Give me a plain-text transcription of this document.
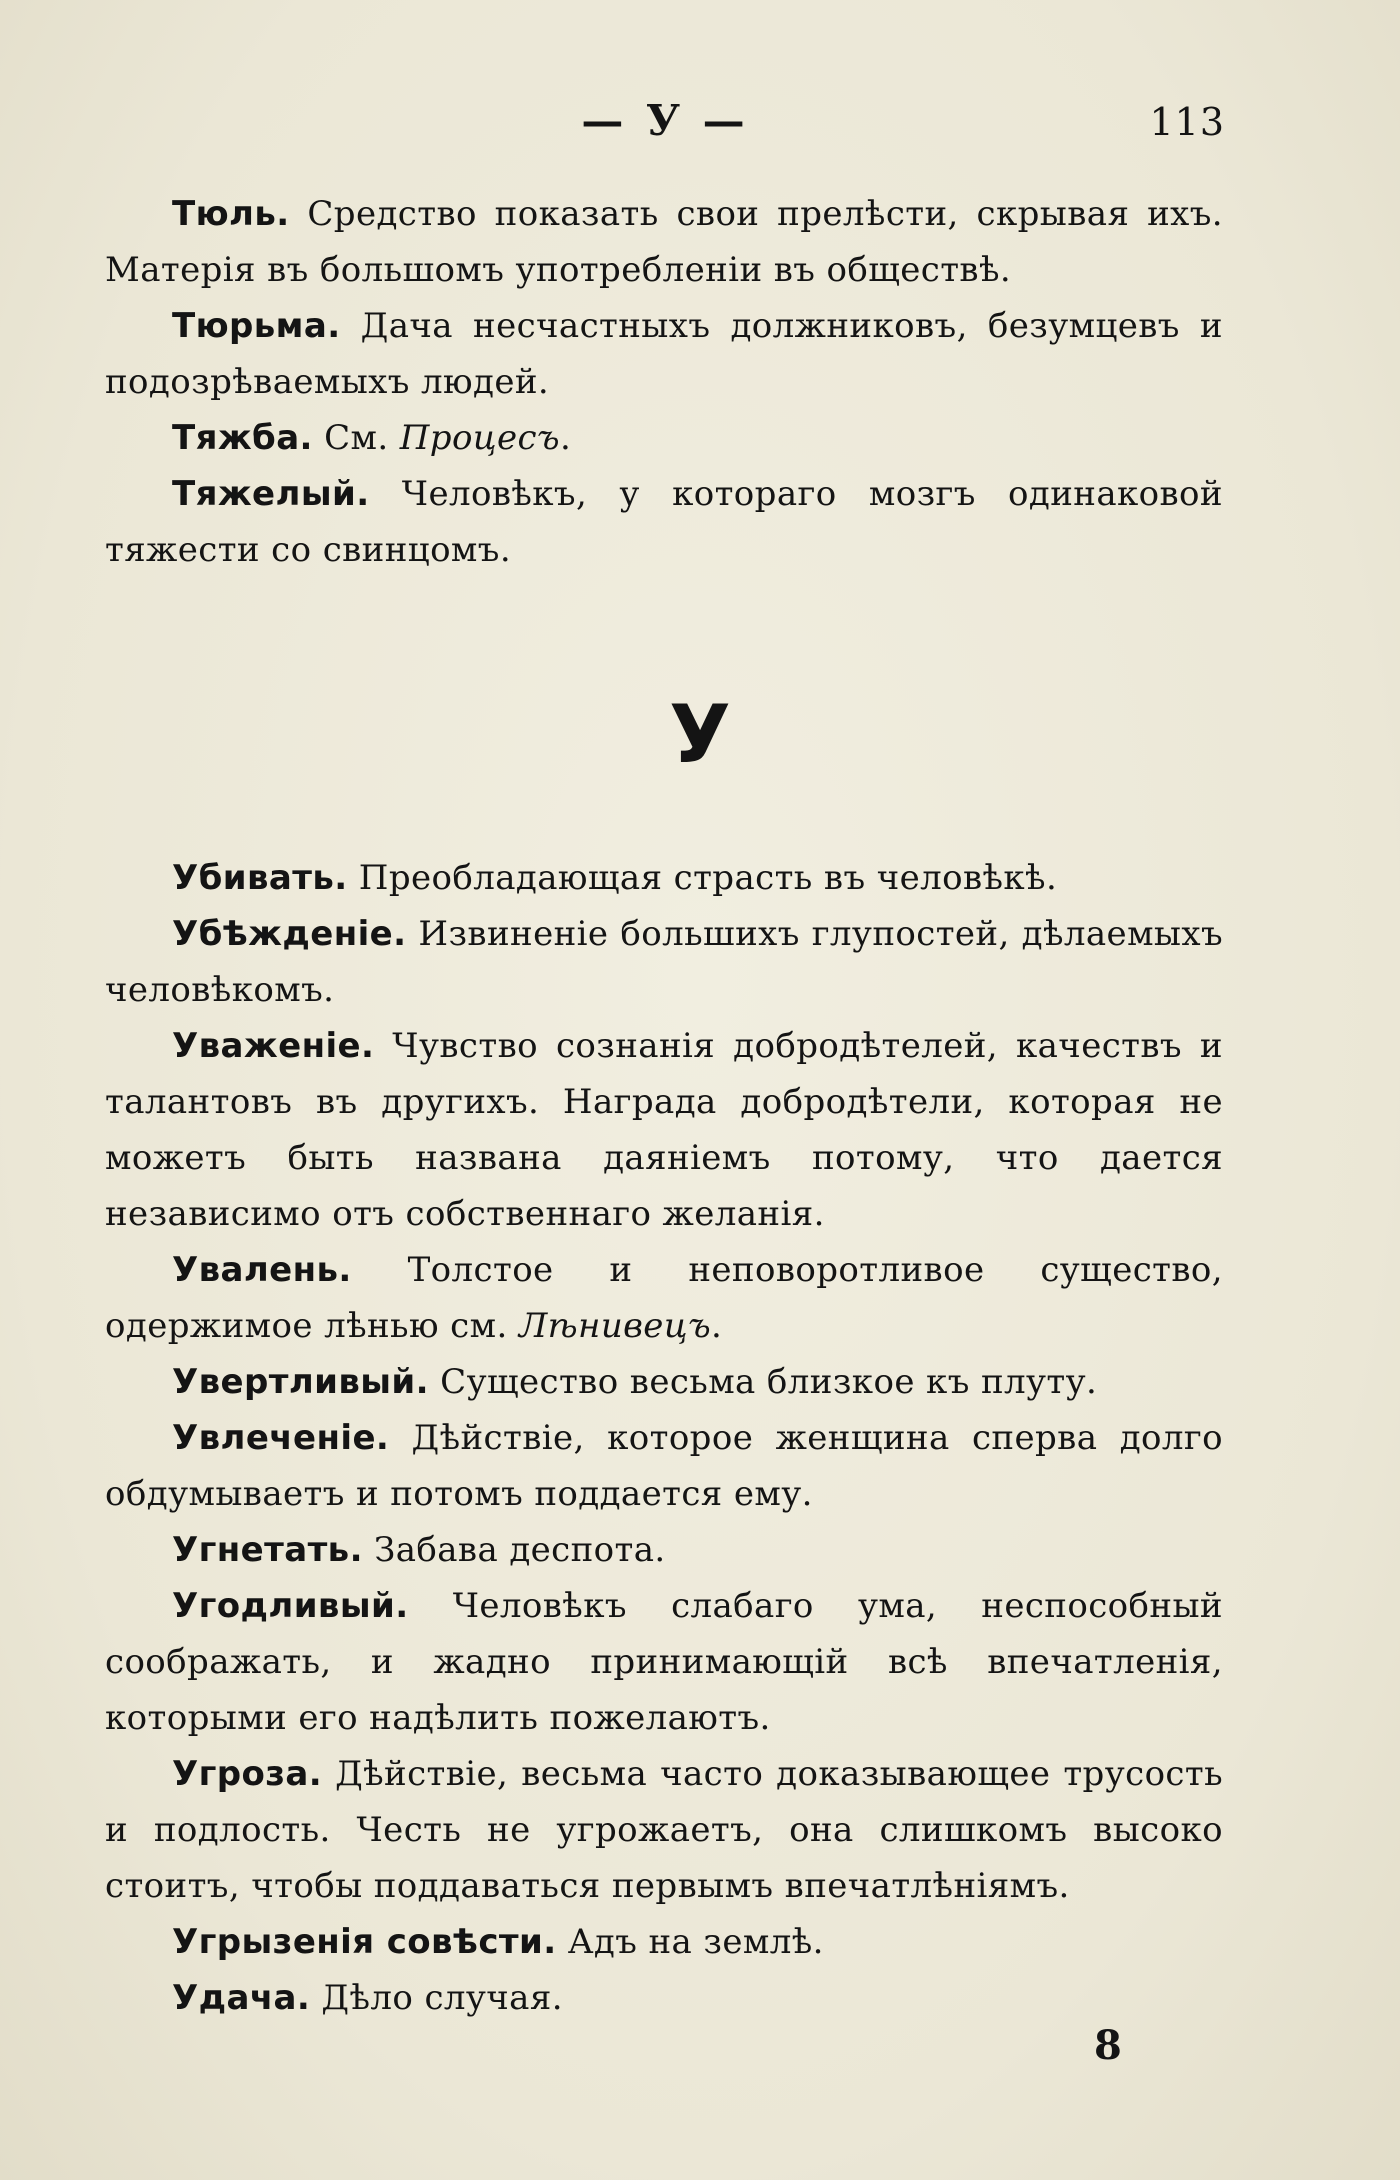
— У —	113

Тюль. Средство показать свои прелѣсти, скрывая ихъ. Матерія въ большомъ употребленіи въ обществѣ.

Тюрьма. Дача несчастныхъ должниковъ, безумцевъ и подозрѣваемыхъ людей.

Тяжба. См. Процесъ.

Тяжелый. Человѣкъ, у котораго мозгъ одинаковой тяжести со свинцомъ.

У

Убивать. Преобладающая страсть въ человѣкѣ.

Убѣжденіе. Извиненіе большихъ глупостей, дѣлаемыхъ человѣкомъ.

Уваженіе. Чувство сознанія добродѣтелей, качествъ и талантовъ въ другихъ. Награда добродѣтели, которая не можетъ быть названа даяніемъ потому, что дается независимо отъ собственнаго желанія.

Увалень. Толстое и неповоротливое существо, одержимое лѣнью см. Лѣнивецъ.

Увертливый. Существо весьма близкое къ плуту.

Увлеченіе. Дѣйствіе, которое женщина сперва долго обдумываетъ и потомъ поддается ему.

Угнетать. Забава деспота.

Угодливый. Человѣкъ слабаго ума, неспособный соображать, и жадно принимающій всѣ впечатленія, которыми его надѣлить пожелаютъ.

Угроза. Дѣйствіе, весьма часто доказывающее трусость и подлость. Честь не угрожаетъ, она слишкомъ высоко стоитъ, чтобы поддаваться первымъ впечатлѣніямъ.

Угрызенія совѣсти. Адъ на землѣ.

Удача. Дѣло случая.

8
